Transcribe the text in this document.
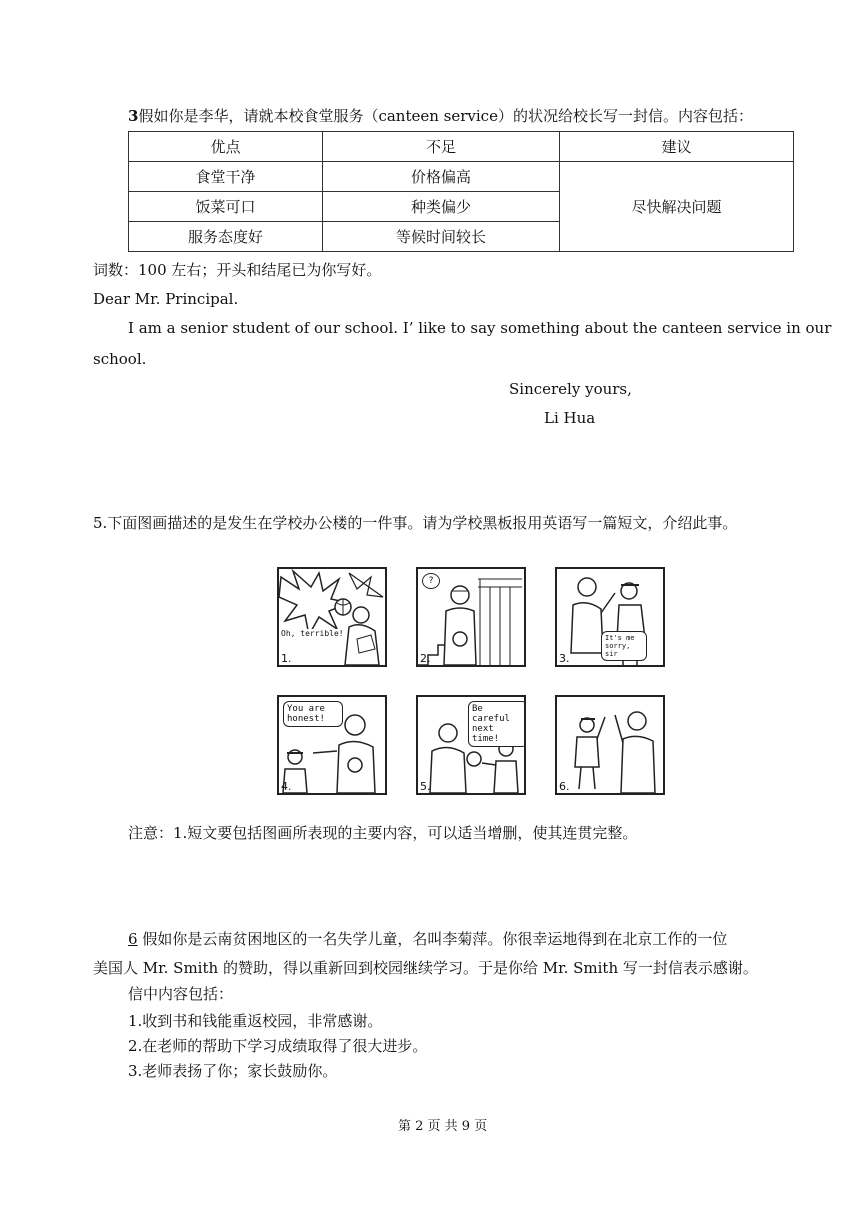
3假如你是李华，请就本校食堂服务（canteen service）的状况给校长写一封信。内容包括：
优点	不足	建议
食堂干净	价格偏高	尽快解决问题
饭菜可口	种类偏少	
服务态度好	等候时间较长	
词数：100 左右；开头和结尾已为你写好。
Dear Mr. Principal.
I am a senior student of our school. I’ like to say something about the canteen service in our
school.
Sincerely yours,
Li Hua
5.下面图画描述的是发生在学校办公楼的一件事。请为学校黑板报用英语写一篇短文，介绍此事。
Oh, terrible!
1.
?
2.
It's me sorry, sir
3.
You are honest!
4.
Be careful next time!
5.	6.
注意：1.短文要包括图画所表现的主要内容，可以适当增删，使其连贯完整。
6 假如你是云南贫困地区的一名失学儿童，名叫李菊萍。你很幸运地得到在北京工作的一位
美国人 Mr. Smith 的赞助，得以重新回到校园继续学习。于是你给 Mr. Smith 写一封信表示感谢。
信中内容包括：
1.收到书和钱能重返校园，非常感谢。
2.在老师的帮助下学习成绩取得了很大进步。
3.老师表扬了你；家长鼓励你。
第 2 页 共 9 页
